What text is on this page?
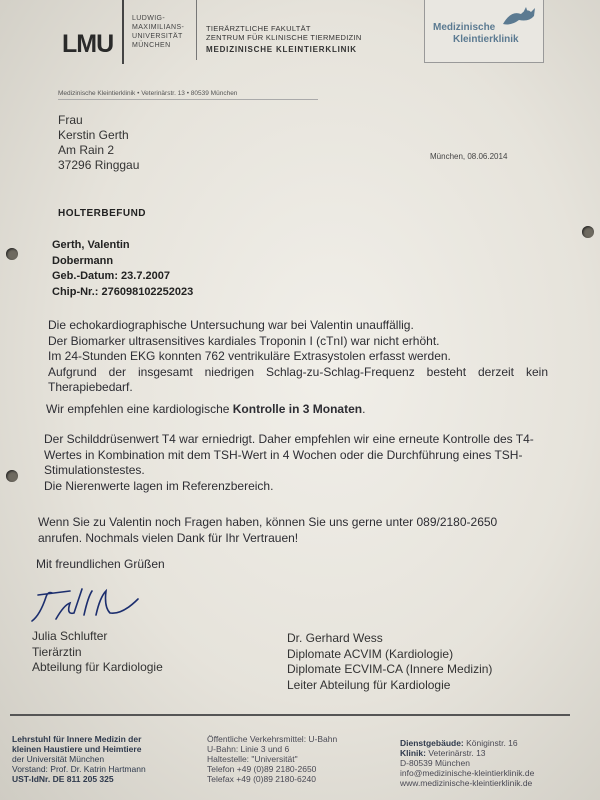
LMU
LUDWIG-
MAXIMILIANS-
UNIVERSITÄT
MÜNCHEN
TIERÄRZTLICHE FAKULTÄT
ZENTRUM FÜR KLINISCHE TIERMEDIZIN
MEDIZINISCHE KLEINTIERKLINIK
Medizinische
Kleintierklinik
Medizinische Kleintierklinik • Veterinärstr. 13 • 80539 München
Frau
Kerstin Gerth
Am Rain 2
37296 Ringgau
München, 08.06.2014
HOLTERBEFUND
Gerth, Valentin
Dobermann
Geb.-Datum: 23.7.2007
Chip-Nr.: 276098102252023
Die echokardiographische Untersuchung war bei Valentin unauffällig.
Der Biomarker ultrasensitives kardiales Troponin I (cTnI) war nicht erhöht.
Im 24-Stunden EKG konnten 762 ventrikuläre Extrasystolen erfasst werden.
Aufgrund der insgesamt niedrigen Schlag-zu-Schlag-Frequenz besteht derzeit kein
Therapiebedarf.
Wir empfehlen eine kardiologische Kontrolle in 3 Monaten.
Der Schilddrüsenwert T4 war erniedrigt. Daher empfehlen wir eine erneute Kontrolle des T4-
Wertes in Kombination mit dem TSH-Wert in 4 Wochen oder die Durchführung eines TSH-
Stimulationstestes.
Die Nierenwerte lagen im Referenzbereich.
Wenn Sie zu Valentin noch Fragen haben, können Sie uns gerne unter 089/2180-2650
anrufen. Nochmals vielen Dank für Ihr Vertrauen!
Mit freundlichen Grüßen
Julia Schlufter
Tierärztin
Abteilung für Kardiologie
Dr. Gerhard Wess
Diplomate ACVIM (Kardiologie)
Diplomate ECVIM-CA (Innere Medizin)
Leiter Abteilung für Kardiologie
Lehrstuhl für Innere Medizin der
kleinen Haustiere und Heimtiere
der Universität München
Vorstand: Prof. Dr. Katrin Hartmann
UST-IdNr. DE 811 205 325
Öffentliche Verkehrsmittel: U-Bahn
U-Bahn: Linie 3 und 6
Haltestelle: "Universität"
Telefon +49 (0)89 2180-2650
Telefax +49 (0)89 2180-6240
Dienstgebäude: Königinstr. 16
Klinik: Veterinärstr. 13
D-80539 München
info@medizinische-kleintierklinik.de
www.medizinische-kleintierklinik.de
